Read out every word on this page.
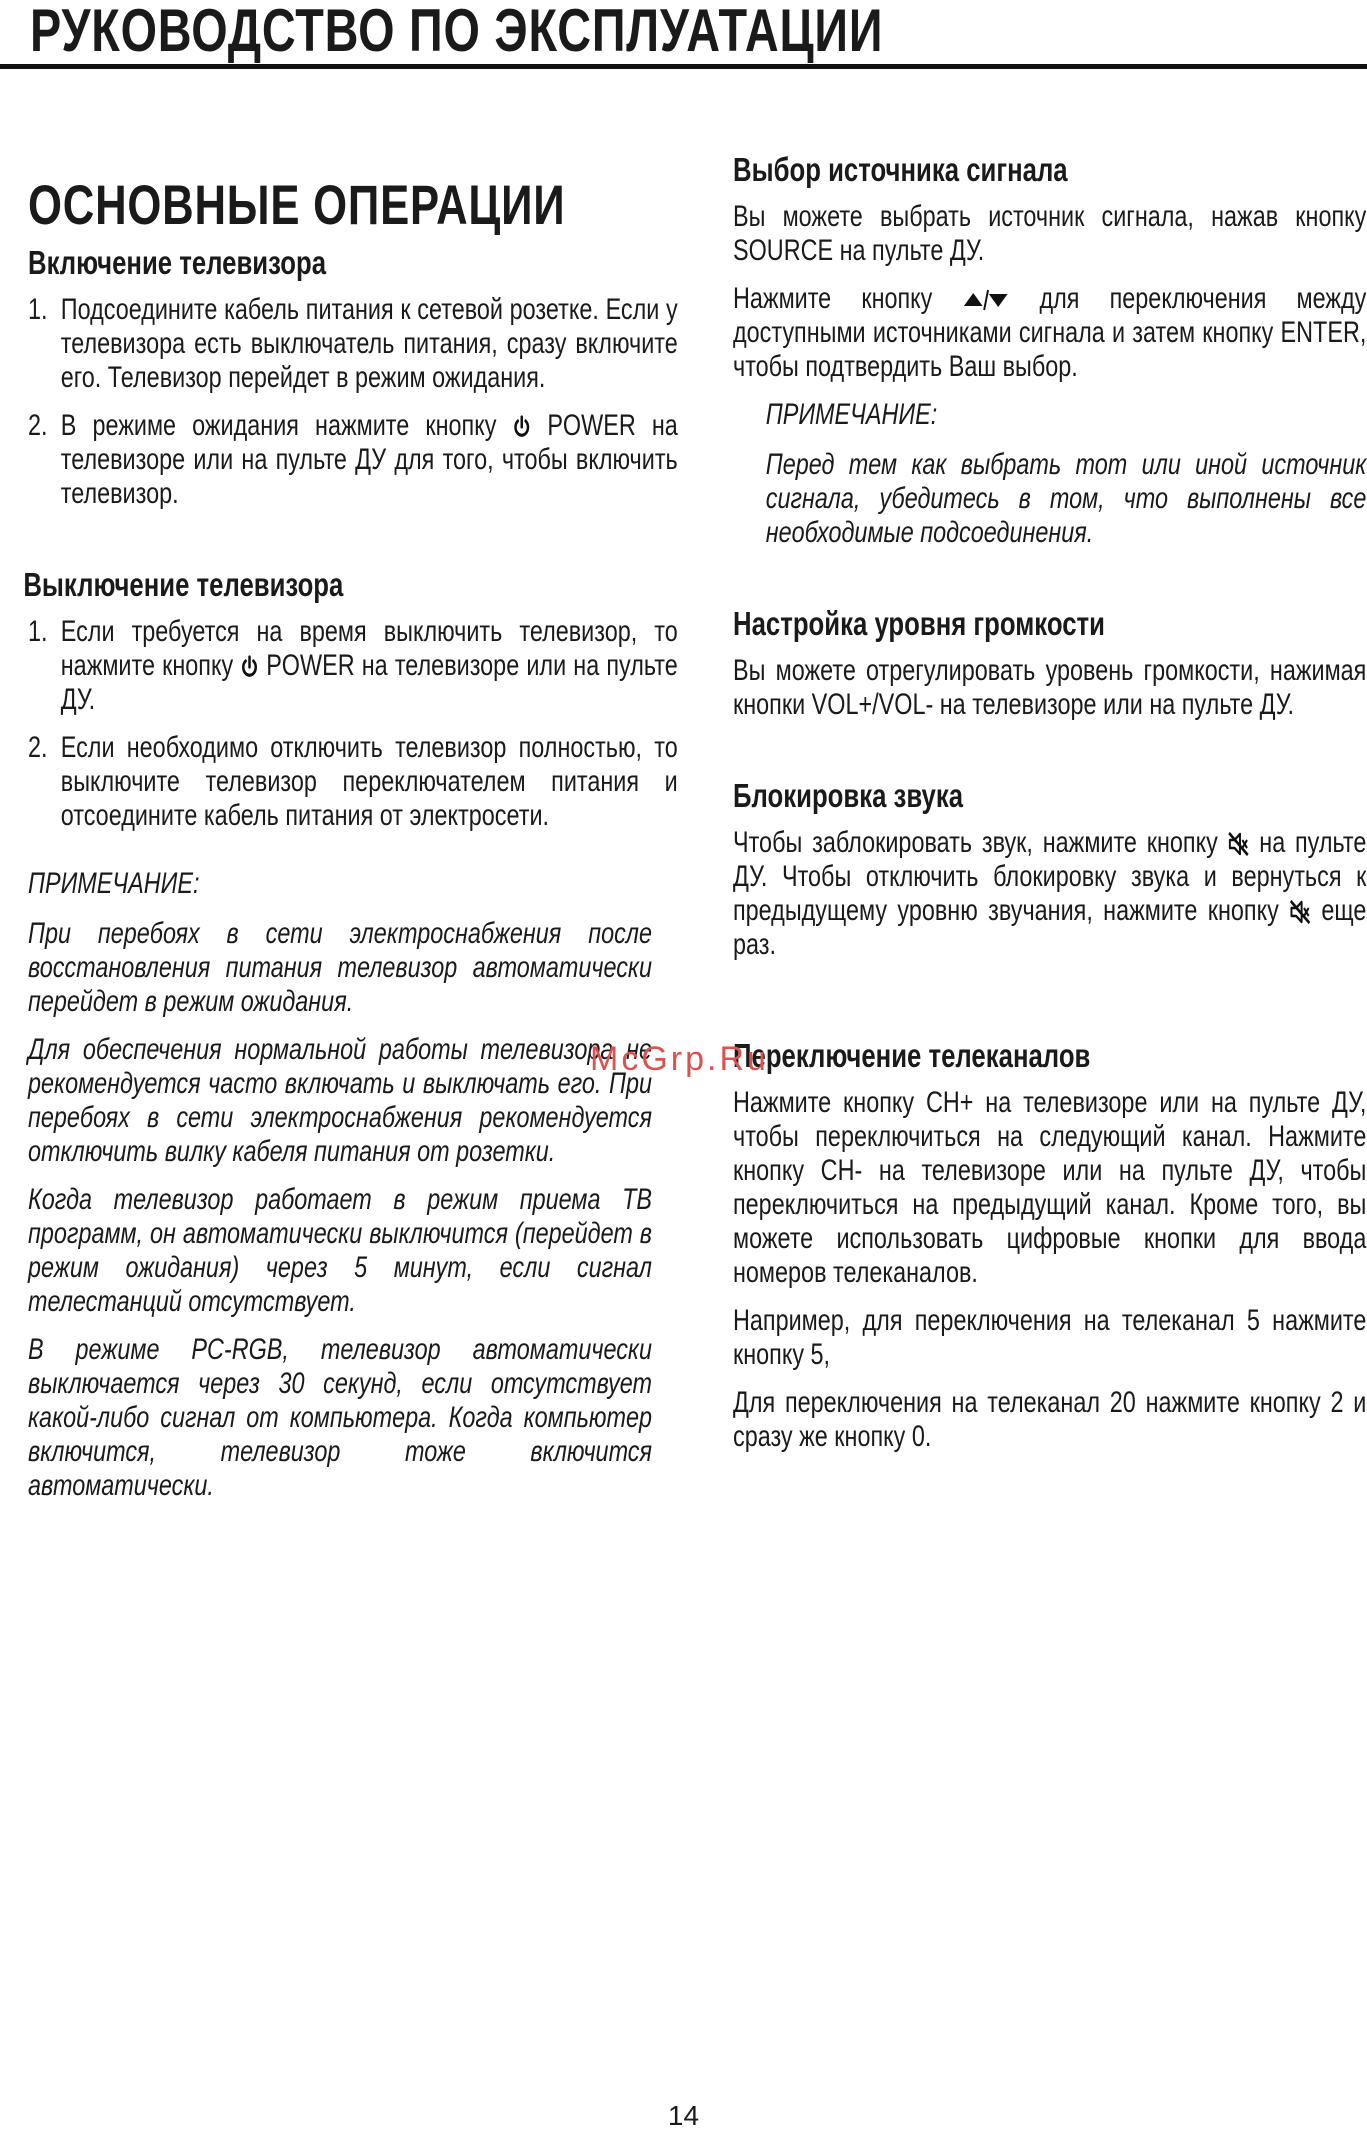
РУКОВОДСТВО ПО ЭКСПЛУАТАЦИИ
ОСНОВНЫЕ ОПЕРАЦИИ
Включение телевизора
1. Подсоедините кабель питания к сетевой розетке. Если у телевизора есть выключатель питания, сразу включите его. Телевизор перейдет в режим ожидания.
2. В режиме ожидания нажмите кнопку POWER на телевизоре или на пульте ДУ для того, чтобы включить телевизор.
Выключение телевизора
1. Если требуется на время выключить телевизор, то нажмите кнопку POWER на телевизоре или на пульте ДУ.
2. Если необходимо отключить телевизор полностью, то выключите телевизор переключателем питания и отсоедините кабель питания от электросети.

ПРИМЕЧАНИЕ:

При перебоях в сети электроснабжения после восстановления питания телевизор автоматически перейдет в режим ожидания.

Для обеспечения нормальной работы телевизора не рекомендуется часто включать и выключать его. При перебоях в сети электроснабжения рекомендуется отключить вилку кабеля питания от розетки.

Когда телевизор работает в режим приема ТВ программ, он автоматически выключится (перейдет в режим ожидания) через 5 минут, если сигнал телестанций отсутствует.

В режиме PC-RGB, телевизор автоматически выключается через 30 секунд, если отсутствует какой-либо сигнал от компьютера. Когда компьютер включится, телевизор тоже включится автоматически.

Выбор источника сигнала

Вы можете выбрать источник сигнала, нажав кнопку SOURCE на пульте ДУ.

Нажмите кнопку	для переключения между доступными источниками сигнала и затем кнопку ENTER, чтобы подтвердить Ваш выбор.

ПРИМЕЧАНИЕ:

Перед тем как выбрать тот или иной источник сигнала, убедитесь в том, что выполнены все необходимые подсоединения.

Настройка уровня громкости

Вы можете отрегулировать уровень громкости, нажимая кнопки VOL+/VOL- на телевизоре или на пульте ДУ.

Блокировка звука

Чтобы заблокировать звук, нажмите кнопку на пульте ДУ. Чтобы отключить блокировку звука и вернуться к предыдущему уровню звучания, нажмите кнопку еще раз.

Переключение телеканалов

Нажмите кнопку CH+ на телевизоре или на пульте ДУ, чтобы переключиться на следующий канал. Нажмите кнопку CH- на телевизоре или на пульте ДУ, чтобы переключиться на предыдущий канал. Кроме того, вы можете использовать цифровые кнопки для ввода номеров телеканалов.

Например, для переключения на телеканал 5 нажмите кнопку 5,

Для переключения на телеканал 20 нажмите кнопку 2 и сразу же кнопку 0.

McGrp.Ru
14
